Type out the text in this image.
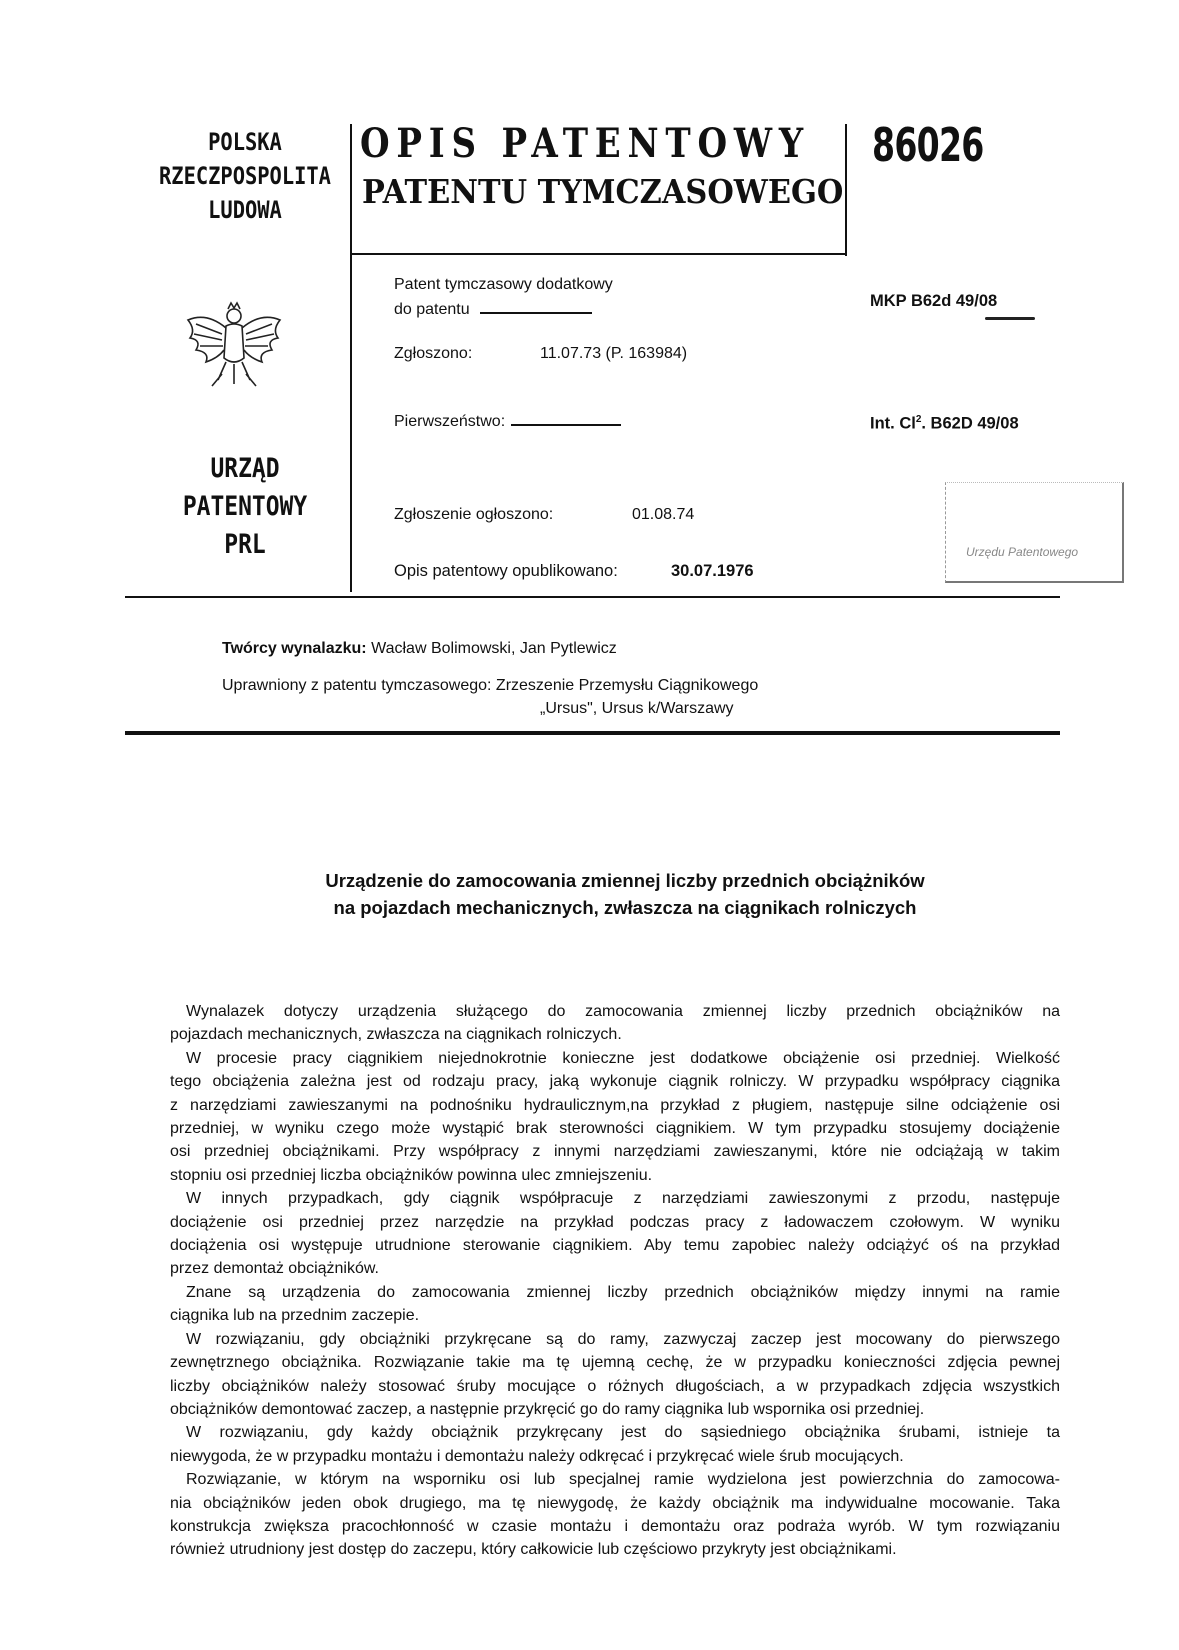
POLSKA
RZECZPOSPOLITA
LUDOWA
URZĄD
PATENTOWY
PRL
OPIS PATENTOWY
PATENTU TYMCZASOWEGO
86026
Patent tymczasowy dodatkowy
do patentu
Zgłoszono:	11.07.73 (P. 163984)
Pierwszeństwo:
Zgłoszenie ogłoszono:	01.08.74
Opis patentowy opublikowano:	30.07.1976
MKP B62d 49/08
Int. Cl$^2$. B62D 49/08
Urzędu Patentowego
Twórcy wynalazku: Wacław Bolimowski, Jan Pytlewicz
Uprawniony z patentu tymczasowego: Zrzeszenie Przemysłu Ciągnikowego
„Ursus", Ursus k/Warszawy
Urządzenie do zamocowania zmiennej liczby przednich obciążników
na pojazdach mechanicznych, zwłaszcza na ciągnikach rolniczych
Wynalazek dotyczy urządzenia służącego do zamocowania zmiennej liczby przednich obciążników na
pojazdach mechanicznych, zwłaszcza na ciągnikach rolniczych.
W procesie pracy ciągnikiem niejednokrotnie konieczne jest dodatkowe obciążenie osi przedniej. Wielkość
tego obciążenia zależna jest od rodzaju pracy, jaką wykonuje ciągnik rolniczy. W przypadku współpracy ciągnika
z narzędziami zawieszanymi na podnośniku hydraulicznym,na przykład z pługiem, następuje silne odciążenie osi
przedniej, w wyniku czego może wystąpić brak sterowności ciągnikiem. W tym przypadku stosujemy dociążenie
osi przedniej obciążnikami. Przy współpracy z innymi narzędziami zawieszanymi, które nie odciążają w takim
stopniu osi przedniej liczba obciążników powinna ulec zmniejszeniu.
W innych przypadkach, gdy ciągnik współpracuje z narzędziami zawieszonymi z przodu, następuje
dociążenie osi przedniej przez narzędzie na przykład podczas pracy z ładowaczem czołowym. W wyniku
dociążenia osi występuje utrudnione sterowanie ciągnikiem. Aby temu zapobiec należy odciążyć oś na przykład
przez demontaż obciążników.
Znane są urządzenia do zamocowania zmiennej liczby przednich obciążników między innymi na ramie
ciągnika lub na przednim zaczepie.
W rozwiązaniu, gdy obciążniki przykręcane są do ramy, zazwyczaj zaczep jest mocowany do pierwszego
zewnętrznego obciążnika. Rozwiązanie takie ma tę ujemną cechę, że w przypadku konieczności zdjęcia pewnej
liczby obciążników należy stosować śruby mocujące o różnych długościach, a w przypadkach zdjęcia wszystkich
obciążników demontować zaczep, a następnie przykręcić go do ramy ciągnika lub wspornika osi przedniej.
W rozwiązaniu, gdy każdy obciążnik przykręcany jest do sąsiedniego obciążnika śrubami, istnieje ta
niewygoda, że w przypadku montażu i demontażu należy odkręcać i przykręcać wiele śrub mocujących.
Rozwiązanie, w którym na wsporniku osi lub specjalnej ramie wydzielona jest powierzchnia do zamocowa-
nia obciążników jeden obok drugiego, ma tę niewygodę, że każdy obciążnik ma indywidualne mocowanie. Taka
konstrukcja zwiększa pracochłonność w czasie montażu i demontażu oraz podraża wyrób. W tym rozwiązaniu
również utrudniony jest dostęp do zaczepu, który całkowicie lub częściowo przykryty jest obciążnikami.
